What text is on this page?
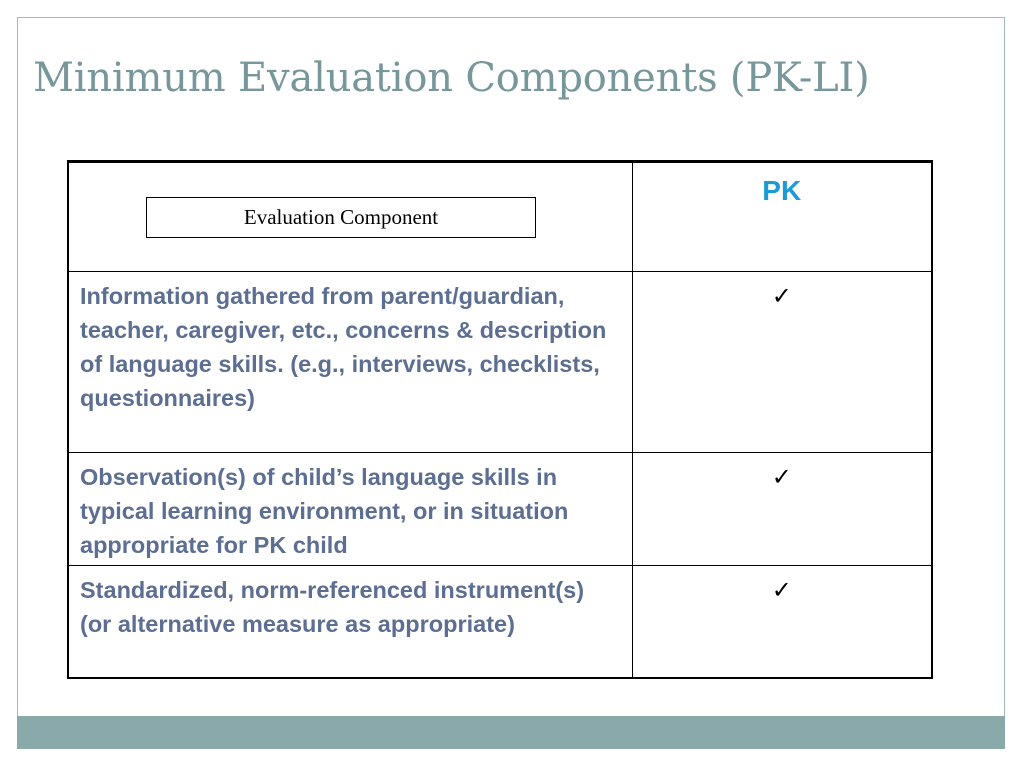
Minimum Evaluation Components (PK-LI)
Evaluation Component	PK
Information gathered from parent/guardian, teacher, caregiver, etc., concerns & description of language skills. (e.g., interviews, checklists, questionnaires)	✓
Observation(s) of child’s language skills in typical learning environment, or in situation appropriate for PK child	✓
Standardized, norm-referenced instrument(s) (or alternative measure as appropriate)	✓
